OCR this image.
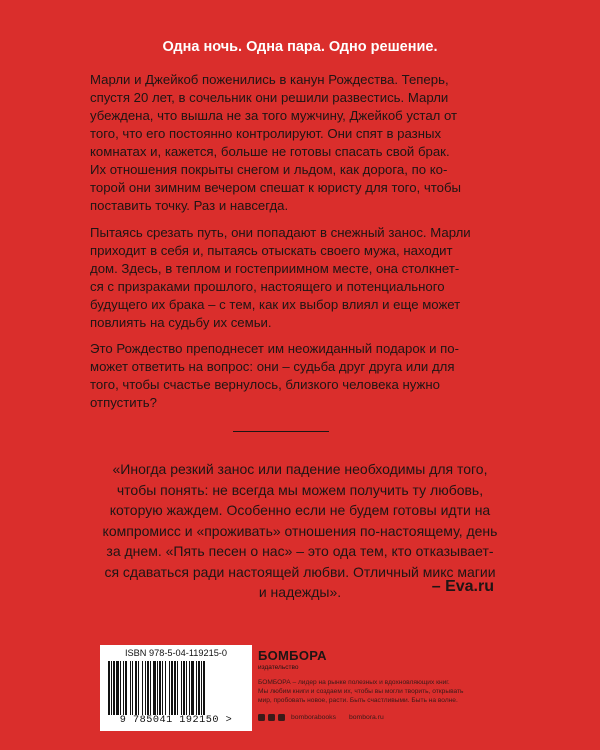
Одна ночь. Одна пара. Одно решение.

Марли и Джейкоб поженились в канун Рождества. Теперь,
спустя 20 лет, в сочельник они решили развестись. Марли
убеждена, что вышла не за того мужчину, Джейкоб устал от
того, что его постоянно контролируют. Они спят в разных
комнатах и, кажется, больше не готовы спасать свой брак.
Их отношения покрыты снегом и льдом, как дорога, по ко-
торой они зимним вечером спешат к юристу для того, чтобы
поставить точку. Раз и навсегда.

Пытаясь срезать путь, они попадают в снежный занос. Марли
приходит в себя и, пытаясь отыскать своего мужа, находит
дом. Здесь, в теплом и гостеприимном месте, она столкнет-
ся с призраками прошлого, настоящего и потенциального
будущего их брака – с тем, как их выбор влиял и еще может
повлиять на судьбу их семьи.

Это Рождество преподнесет им неожиданный подарок и по-
может ответить на вопрос: они – судьба друг друга или для
того, чтобы счастье вернулось, близкого человека нужно
отпустить?

«Иногда резкий занос или падение необходимы для того,
чтобы понять: не всегда мы можем получить ту любовь,
которую жаждем. Особенно если не будем готовы идти на
компромисс и «проживать» отношения по-настоящему, день
за днем. «Пять песен о нас» – это ода тем, кто отказывает-
ся сдаваться ради настоящей любви. Отличный микс магии
и надежды».	– Eva.ru
ISBN 978-5-04-119215-0
9 785041 192150 >
БОМБОРА
издательство

БОМБОРА – лидер на рынке полезных и вдохновляющих книг.
Мы любим книги и создаем их, чтобы вы могли творить, открывать
мир, пробовать новое, расти. Быть счастливыми. Быть на волне.

bomborabooks bombora.ru
